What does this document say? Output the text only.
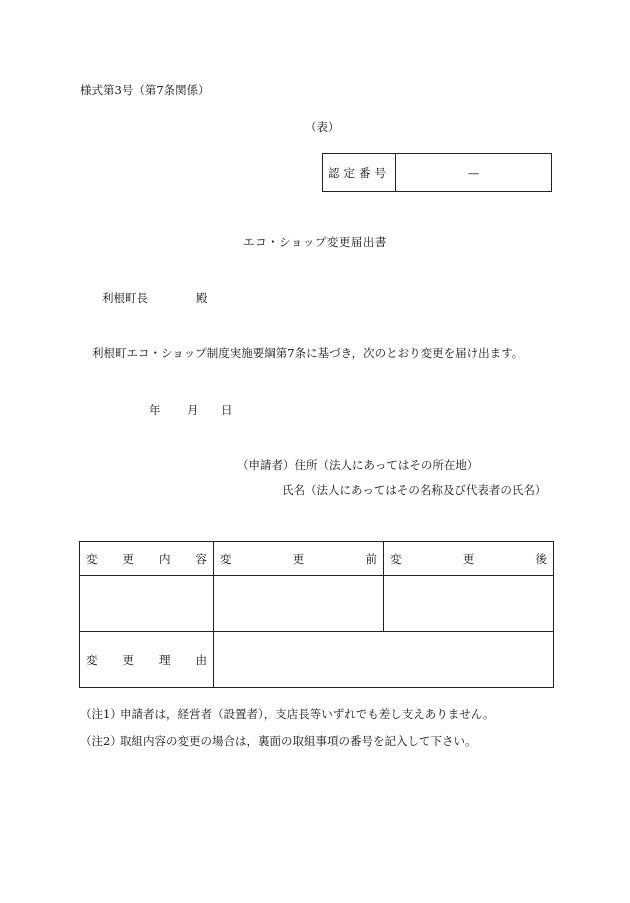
様式第3号（第7条関係）
（表）
認定番号	—
エコ・ショップ変更届出書
利根町長	殿
利根町エコ・ショップ制度実施要綱第7条に基づき，次のとおり変更を届け出ます。
年 月 日
（申請者）住所（法人にあってはその所在地）
氏名（法人にあってはその名称及び代表者の氏名）
変 更 内 容	変 更 前	変 更 後

変 更 理 由		

（注1）申請者は，経営者（設置者），支店長等いずれでも差し支えありません。
（注2）取組内容の変更の場合は，裏面の取組事項の番号を記入して下さい。
